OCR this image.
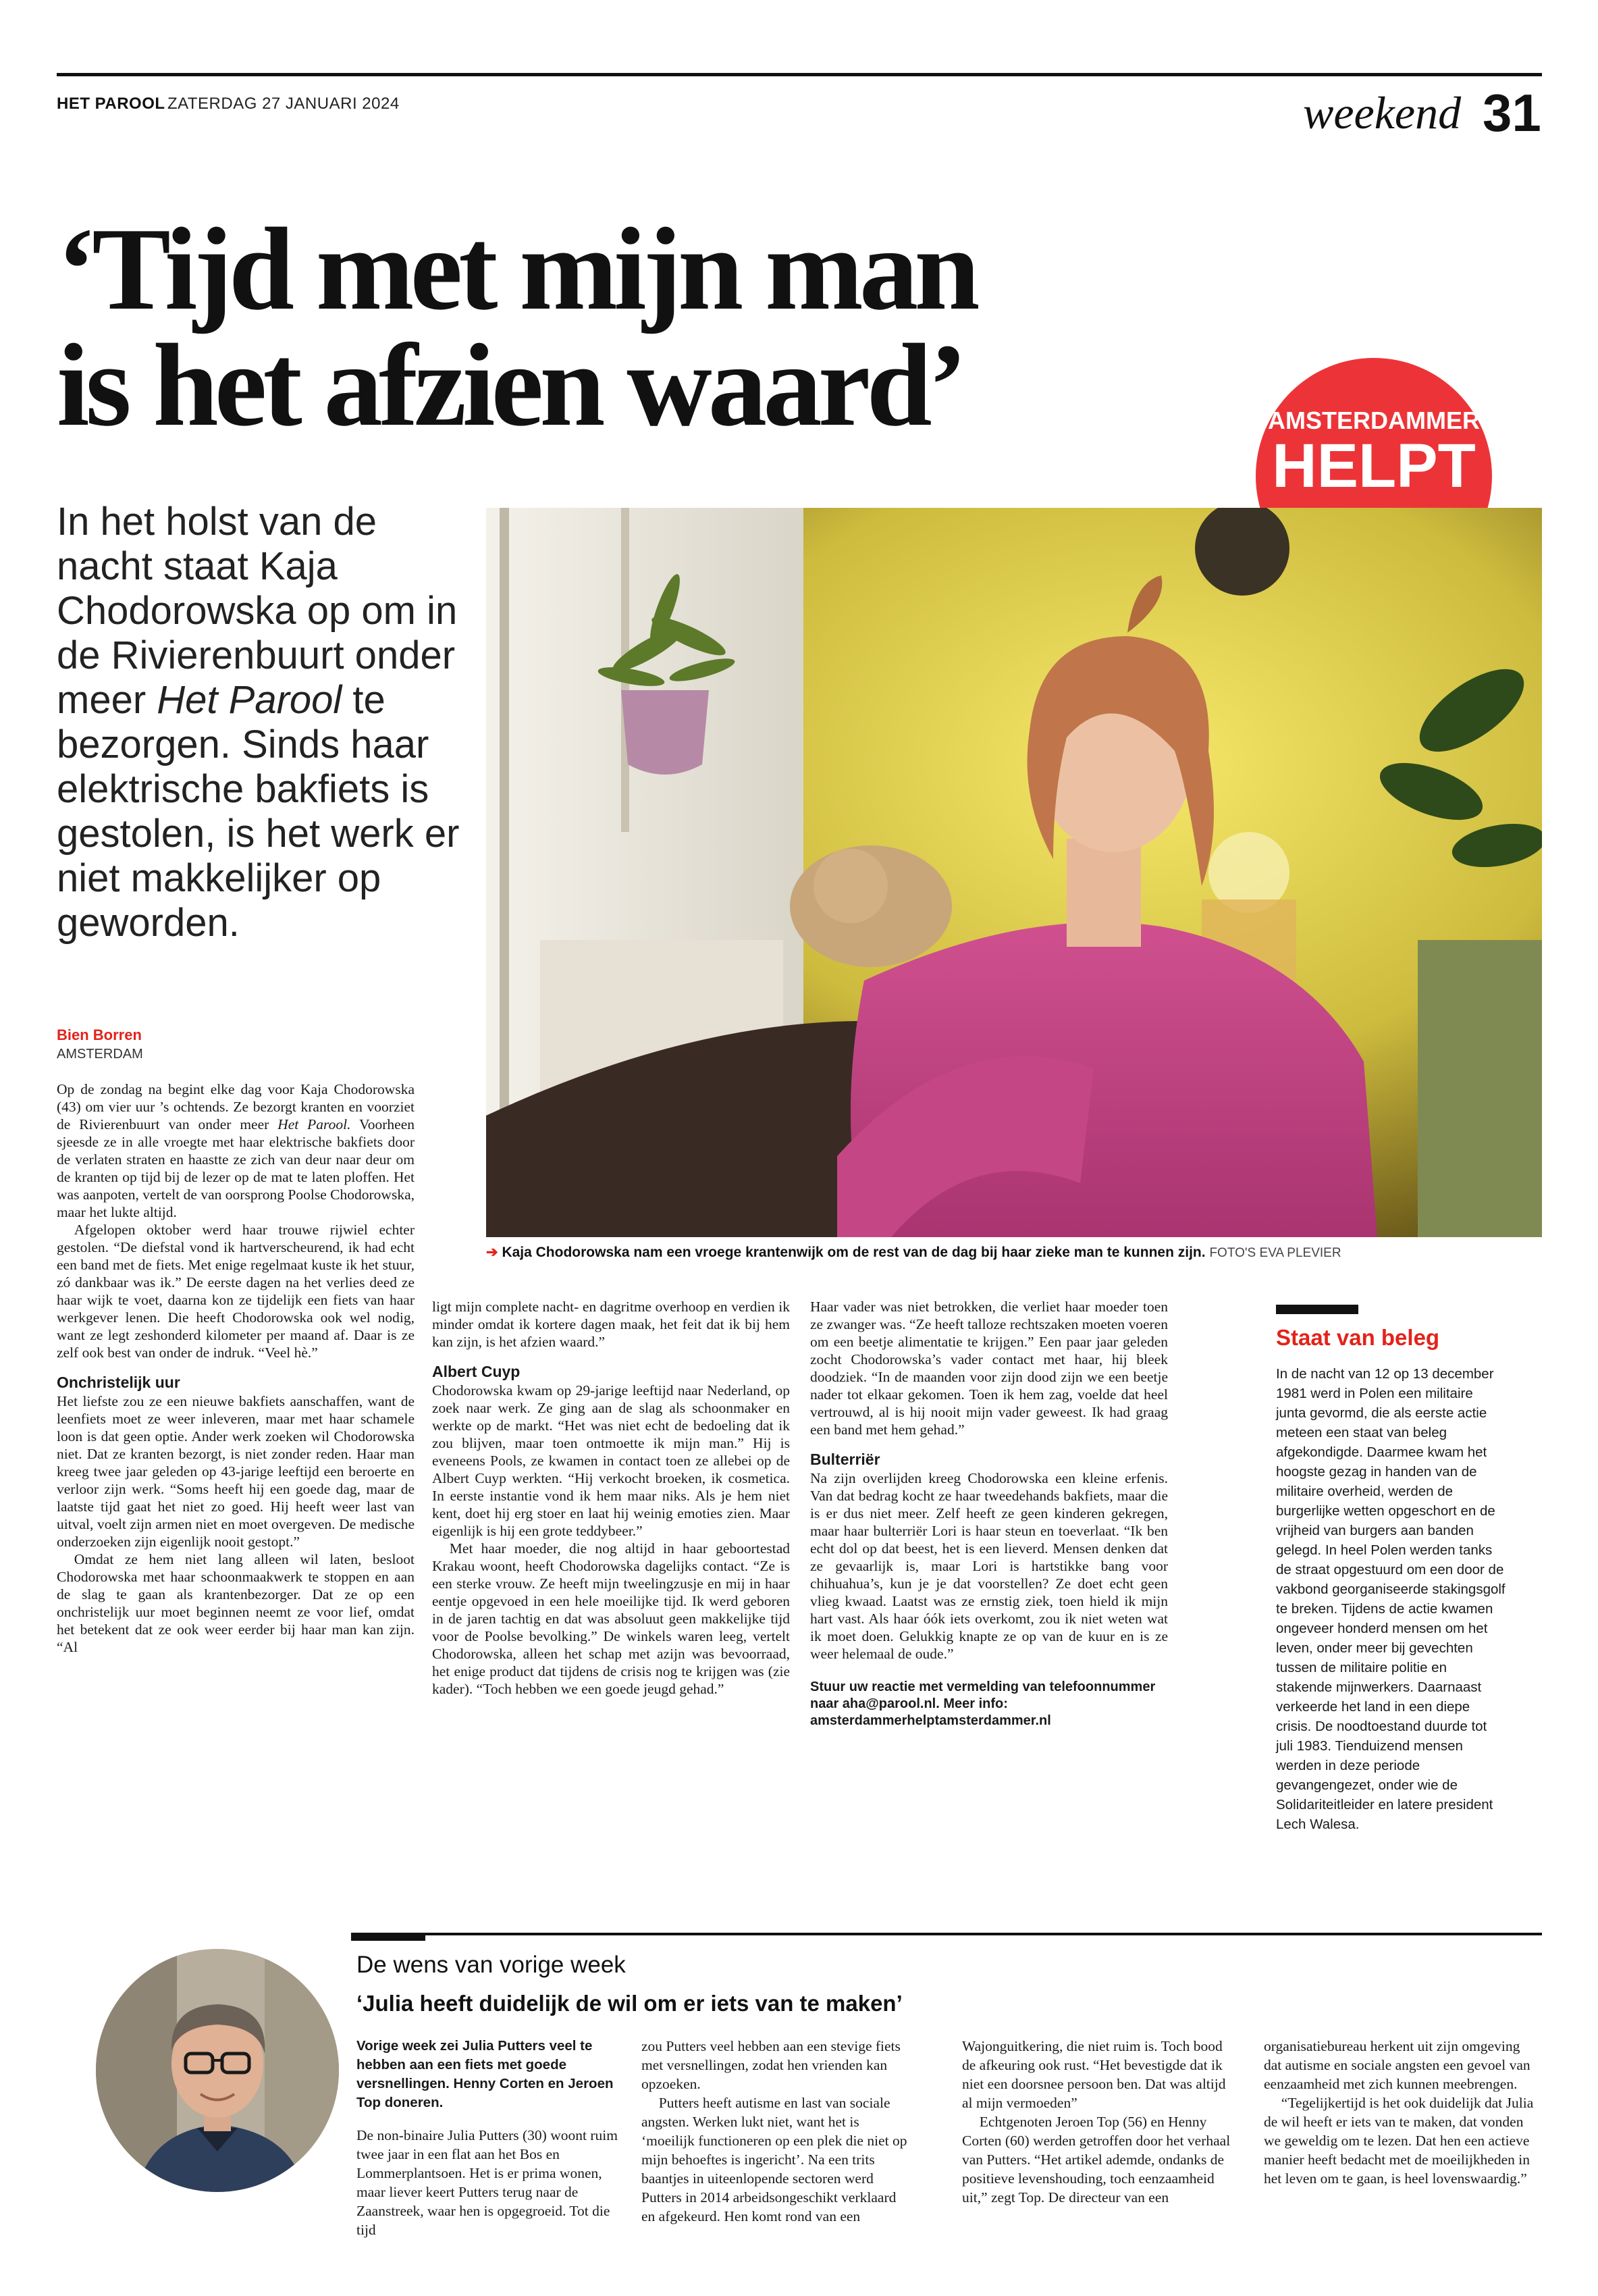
HET PAROOL ZATERDAG 27 JANUARI 2024	weekend 31
‘Tijd met mijn man
is het afzien waard’	AMSTERDAMMER
HELPT
In het holst van de nacht staat Kaja Chodorowska op om in de Rivierenbuurt onder meer Het Parool te bezorgen. Sinds haar elektrische bakfiets is gestolen, is het werk er niet makkelijker op geworden.
➔ Kaja Chodorowska nam een vroege krantenwijk om de rest van de dag bij haar zieke man te kunnen zijn. FOTO'S EVA PLEVIER
Bien Borren
AMSTERDAM

Op de zondag na begint elke dag voor Kaja Chodorowska (43) om vier uur ’s ochtends. Ze bezorgt kranten en voorziet de Rivierenbuurt van onder meer Het Parool. Voorheen sjeesde ze in alle vroegte met haar elektrische bakfiets door de verlaten straten en haastte ze zich van deur naar deur om de kranten op tijd bij de lezer op de mat te laten ploffen. Het was aanpoten, vertelt de van oorsprong Poolse Chodorowska, maar het lukte altijd.

Afgelopen oktober werd haar trouwe rijwiel echter gestolen. “De diefstal vond ik hartverscheurend, ik had echt een band met de fiets. Met enige regelmaat kuste ik het stuur, zó dankbaar was ik.” De eerste dagen na het verlies deed ze haar wijk te voet, daarna kon ze tijdelijk een fiets van haar werkgever lenen. Die heeft Chodorowska ook wel nodig, want ze legt zeshonderd kilometer per maand af. Daar is ze zelf ook best van onder de indruk. “Veel hè.”

Onchristelijk uur

Het liefste zou ze een nieuwe bakfiets aanschaffen, want de leenfiets moet ze weer inleveren, maar met haar schamele loon is dat geen optie. Ander werk zoeken wil Chodorowska niet. Dat ze kranten bezorgt, is niet zonder reden. Haar man kreeg twee jaar geleden op 43-jarige leeftijd een beroerte en verloor zijn werk. “Soms heeft hij een goede dag, maar de laatste tijd gaat het niet zo goed. Hij heeft weer last van uitval, voelt zijn armen niet en moet overgeven. De medische onderzoeken zijn eigenlijk nooit gestopt.”

Omdat ze hem niet lang alleen wil laten, besloot Chodorowska met haar schoonmaakwerk te stoppen en aan de slag te gaan als krantenbezorger. Dat ze op een onchristelijk uur moet beginnen neemt ze voor lief, omdat het betekent dat ze ook weer eerder bij haar man kan zijn. “Al

ligt mijn complete nacht- en dagritme overhoop en verdien ik minder omdat ik kortere dagen maak, het feit dat ik bij hem kan zijn, is het afzien waard.”

Albert Cuyp

Chodorowska kwam op 29-jarige leeftijd naar Nederland, op zoek naar werk. Ze ging aan de slag als schoonmaker en werkte op de markt. “Het was niet echt de bedoeling dat ik zou blijven, maar toen ontmoette ik mijn man.” Hij is eveneens Pools, ze kwamen in contact toen ze allebei op de Albert Cuyp werkten. “Hij verkocht broeken, ik cosmetica. In eerste instantie vond ik hem maar niks. Als je hem niet kent, doet hij erg stoer en laat hij weinig emoties zien. Maar eigenlijk is hij een grote teddybeer.”

Met haar moeder, die nog altijd in haar geboortestad Krakau woont, heeft Chodorowska dagelijks contact. “Ze is een sterke vrouw. Ze heeft mijn tweelingzusje en mij in haar eentje opgevoed in een hele moeilijke tijd. Ik werd geboren in de jaren tachtig en dat was absoluut geen makkelijke tijd voor de Poolse bevolking.” De winkels waren leeg, vertelt Chodorowska, alleen het schap met azijn was bevoorraad, het enige product dat tijdens de crisis nog te krijgen was (zie kader). “Toch hebben we een goede jeugd gehad.”

Haar vader was niet betrokken, die verliet haar moeder toen ze zwanger was. “Ze heeft talloze rechtszaken moeten voeren om een beetje alimentatie te krijgen.” Een paar jaar geleden zocht Chodorowska’s vader contact met haar, hij bleek doodziek. “In de maanden voor zijn dood zijn we een beetje nader tot elkaar gekomen. Toen ik hem zag, voelde dat heel vertrouwd, al is hij nooit mijn vader geweest. Ik had graag een band met hem gehad.”

Bulterriër

Na zijn overlijden kreeg Chodorowska een kleine erfenis. Van dat bedrag kocht ze haar tweedehands bakfiets, maar die is er dus niet meer. Zelf heeft ze geen kinderen gekregen, maar haar bulterriër Lori is haar steun en toeverlaat. “Ik ben echt dol op dat beest, het is een lieverd. Mensen denken dat ze gevaarlijk is, maar Lori is hartstikke bang voor chihuahua’s, kun je je dat voorstellen? Ze doet echt geen vlieg kwaad. Laatst was ze ernstig ziek, toen hield ik mijn hart vast. Als haar óók iets overkomt, zou ik niet weten wat ik moet doen. Gelukkig knapte ze op van de kuur en is ze weer helemaal de oude.”

Stuur uw reactie met vermelding van telefoonnummer naar aha@parool.nl. Meer info: amsterdammerhelptamsterdammer.nl

Staat van beleg
In de nacht van 12 op 13 december 1981 werd in Polen een militaire junta gevormd, die als eerste actie meteen een staat van beleg afgekondigde. Daarmee kwam het hoogste gezag in handen van de militaire overheid, werden de burgerlijke wetten opgeschort en de vrijheid van burgers aan banden gelegd. In heel Polen werden tanks de straat opgestuurd om een door de vakbond georganiseerde stakingsgolf te breken. Tijdens de actie kwamen ongeveer honderd mensen om het leven, onder meer bij gevechten tussen de militaire politie en stakende mijnwerkers. Daarnaast verkeerde het land in een diepe crisis. De noodtoestand duurde tot juli 1983. Tienduizend mensen werden in deze periode gevangengezet, onder wie de Solidariteitleider en latere president Lech Walesa.
De wens van vorige week
‘Julia heeft duidelijk de wil om er iets van te maken’

Vorige week zei Julia Putters veel te hebben aan een fiets met goede versnellingen. Henny Corten en Jeroen Top doneren.

De non-binaire Julia Putters (30) woont ruim twee jaar in een flat aan het Bos en Lommerplantsoen. Het is er prima wonen, maar liever keert Putters terug naar de Zaanstreek, waar hen is opgegroeid. Tot die tijd

zou Putters veel hebben aan een stevige fiets met versnellingen, zodat hen vrienden kan opzoeken.

Putters heeft autisme en last van sociale angsten. Werken lukt niet, want het is ‘moeilijk functioneren op een plek die niet op mijn behoeftes is ingericht’. Na een trits baantjes in uiteenlopende sectoren werd Putters in 2014 arbeidsongeschikt verklaard en afgekeurd. Hen komt rond van een

Wajonguitkering, die niet ruim is. Toch bood de afkeuring ook rust. “Het bevestigde dat ik niet een doorsnee persoon ben. Dat was altijd al mijn vermoeden”

Echtgenoten Jeroen Top (56) en Henny Corten (60) werden getroffen door het verhaal van Putters. “Het artikel ademde, ondanks de positieve levenshouding, toch eenzaamheid uit,” zegt Top. De directeur van een

organisatiebureau herkent uit zijn omgeving dat autisme en sociale angsten een gevoel van eenzaamheid met zich kunnen meebrengen.

“Tegelijkertijd is het ook duidelijk dat Julia de wil heeft er iets van te maken, dat vonden we geweldig om te lezen. Dat hen een actieve manier heeft bedacht met de moeilijkheden in het leven om te gaan, is heel lovenswaardig.”
